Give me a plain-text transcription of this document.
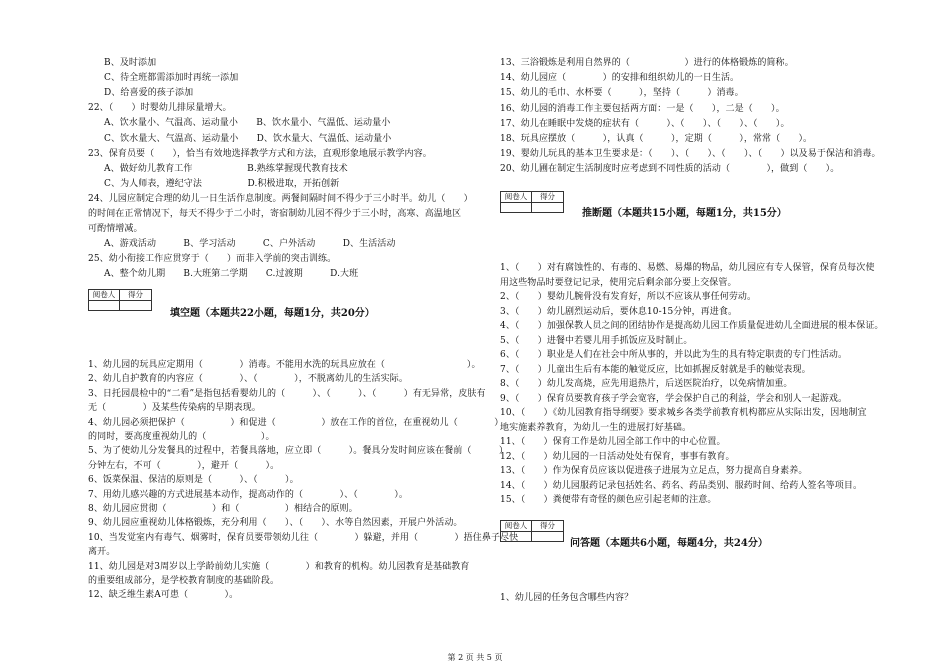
B、及时添加
C、待全班都需添加时再统一添加
D、给喜爱的孩子添加
22、（　　）时婴幼儿排尿量增大。
A、饮水量小、气温高、运动量小　　B、饮水量小、气温低、运动量小
C、饮水量大、气温高、运动量小　　D、饮水量大、气温低、运动量小
23、保育员要（　　），恰当有效地选择教学方式和方法，直观形象地展示教学内容。
A、做好幼儿教育工作　　　　　　B.熟练掌握现代教育技术
C、为人师表，遵纪守法　　　　　D.积极进取，开拓创新
24、儿园应制定合理的幼儿一日生活作息制度。两餐间隔时间不得少于三小时半。幼儿（　　）
的时间在正常情况下，每天不得少于二小时，寄宿制幼儿园不得少于三小时，高寒、高温地区
可酌情增减。
A、游戏活动　　　B、学习活动　　　C、户外活动　　　D、生活活动
25、幼小衔接工作应贯穿于（　　）而非入学前的突击训练。
A、整个幼儿期　　B.大班第二学期　　C.过渡期　　　D.大班
阅卷人	得分
填空题（本题共22小题，每题1分，共20分）
1、幼儿园的玩具应定期用（　　　　）消毒。不能用水洗的玩具应放在（　　　　　　　　　）。
2、幼儿自护教育的内容应（　　　　）、（　　　　），不脱离幼儿的生活实际。
3、日托园晨检中的“二看”是指包括看婴幼儿的（　　　）、（　　　）、（　　　）有无异常，皮肤有
无（　　　　）及某些传染病的早期表现。
4、幼儿园必须把保护（　　　　　）和促进（　　　　　）放在工作的首位，在重视幼儿（　　　　）
的同时，要高度重视幼儿的（　　　　　　）。
5、为了使幼儿分发餐具的过程中，若餐具落地，应立即（　　　）。餐具分发时间应该在餐前（　　　）
分钟左右，不可（　　　　），避开（　　　）。
6、饭菜保温、保洁的原则是（　　　）、（　　　）。
7、用幼儿感兴趣的方式进展基本动作，提高动作的（　　　　）、（　　　　）。
8、幼儿园应贯彻（　　　　　）和（　　　　　）相结合的原则。
9、幼儿园应重视幼儿体格锻炼，充分利用（　　）、（　　）、水等自然因素，开展户外活动。
10、当发觉室内有毒气、烟雾时，保育员要带领幼儿往（　　　　）躲避，并用（　　　　）捂住鼻子尽快
离开。
11、幼儿园是对3周岁以上学龄前幼儿实施（　　　　）和教育的机构。幼儿园教育是基础教育
的重要组成部分，是学校教育制度的基础阶段。
12、缺乏维生素A可患（　　　　）。
13、三浴锻炼是利用自然界的（　　　　　　）进行的体格锻炼的简称。
14、幼儿园应（　　　　）的安排和组织幼儿的一日生活。
15、幼儿的毛巾、水杯要（　　　），坚持（　　　）消毒。
16、幼儿园的消毒工作主要包括两方面：一是（　　），二是（　　）。
17、幼儿在睡眠中发烧的症状有（　　　）、（　　）、（　　）、（　　）。
18、玩具应摆放（　　　），认真（　　　），定期（　　　），常常（　　）。
19、婴幼儿玩具的基本卫生要求是：（　　）、（　　）、（　　）、（　　）以及易于保洁和消毒。
20、幼儿圃在制定生活制度时应考虑到不同性质的活动（　　　　），做到（　　）。
阅卷人	得分
推断题（本题共15小题，每题1分，共15分）
1、（　　）对有腐蚀性的、有毒的、易燃、易爆的物品，幼儿园应有专人保管，保育员每次使
用这些物品时要登记记录，使用完后剩余部分要上交保管。
2、（　　）婴幼儿腕骨没有发育好，所以不应该从事任何劳动。
3、（　　）幼儿剧烈运动后，要休息10-15分钟，再进食。
4、（　　）加强保教人员之间的团结协作是提高幼儿园工作质量促进幼儿全面进展的根本保证。
5、（　　）进餐中若婴儿用手抓饭应及时制止。
6、（　　）职业是人们在社会中所从事的，并以此为生的具有特定职责的专门性活动。
7、（　　）儿童出生后有本能的触觉反应，比如抓握反射就是手的触觉表现。
8、（　　）幼儿发高烧，应先用退热片，后送医院治疗，以免病情加重。
9、（　　）保育员要教育孩子学会宽容，学会保护自己的利益，学会和别人一起游戏。
10、（　　）《幼儿园教育指导纲要》要求城乡各类学前教育机构都应从实际出发，因地制宜
地实施素养教育，为幼儿一生的进展打好基础。
11、（　　）保育工作是幼儿园全部工作中的中心位置。
12、（　　）幼儿园的一日活动处处有保育，事事有教育。
13、（　　）作为保育员应该以促进孩子进展为立足点，努力提高自身素养。
14、（　　）幼儿园服药记录包括姓名、药名、药品类别、服药时间、给药人签名等项目。
15、（　　）粪便带有奇怪的颜色应引起老师的注意。
阅卷人	得分
问答题（本题共6小题，每题4分，共24分）
1、幼儿园的任务包含哪些内容？
第 2 页 共 5 页
